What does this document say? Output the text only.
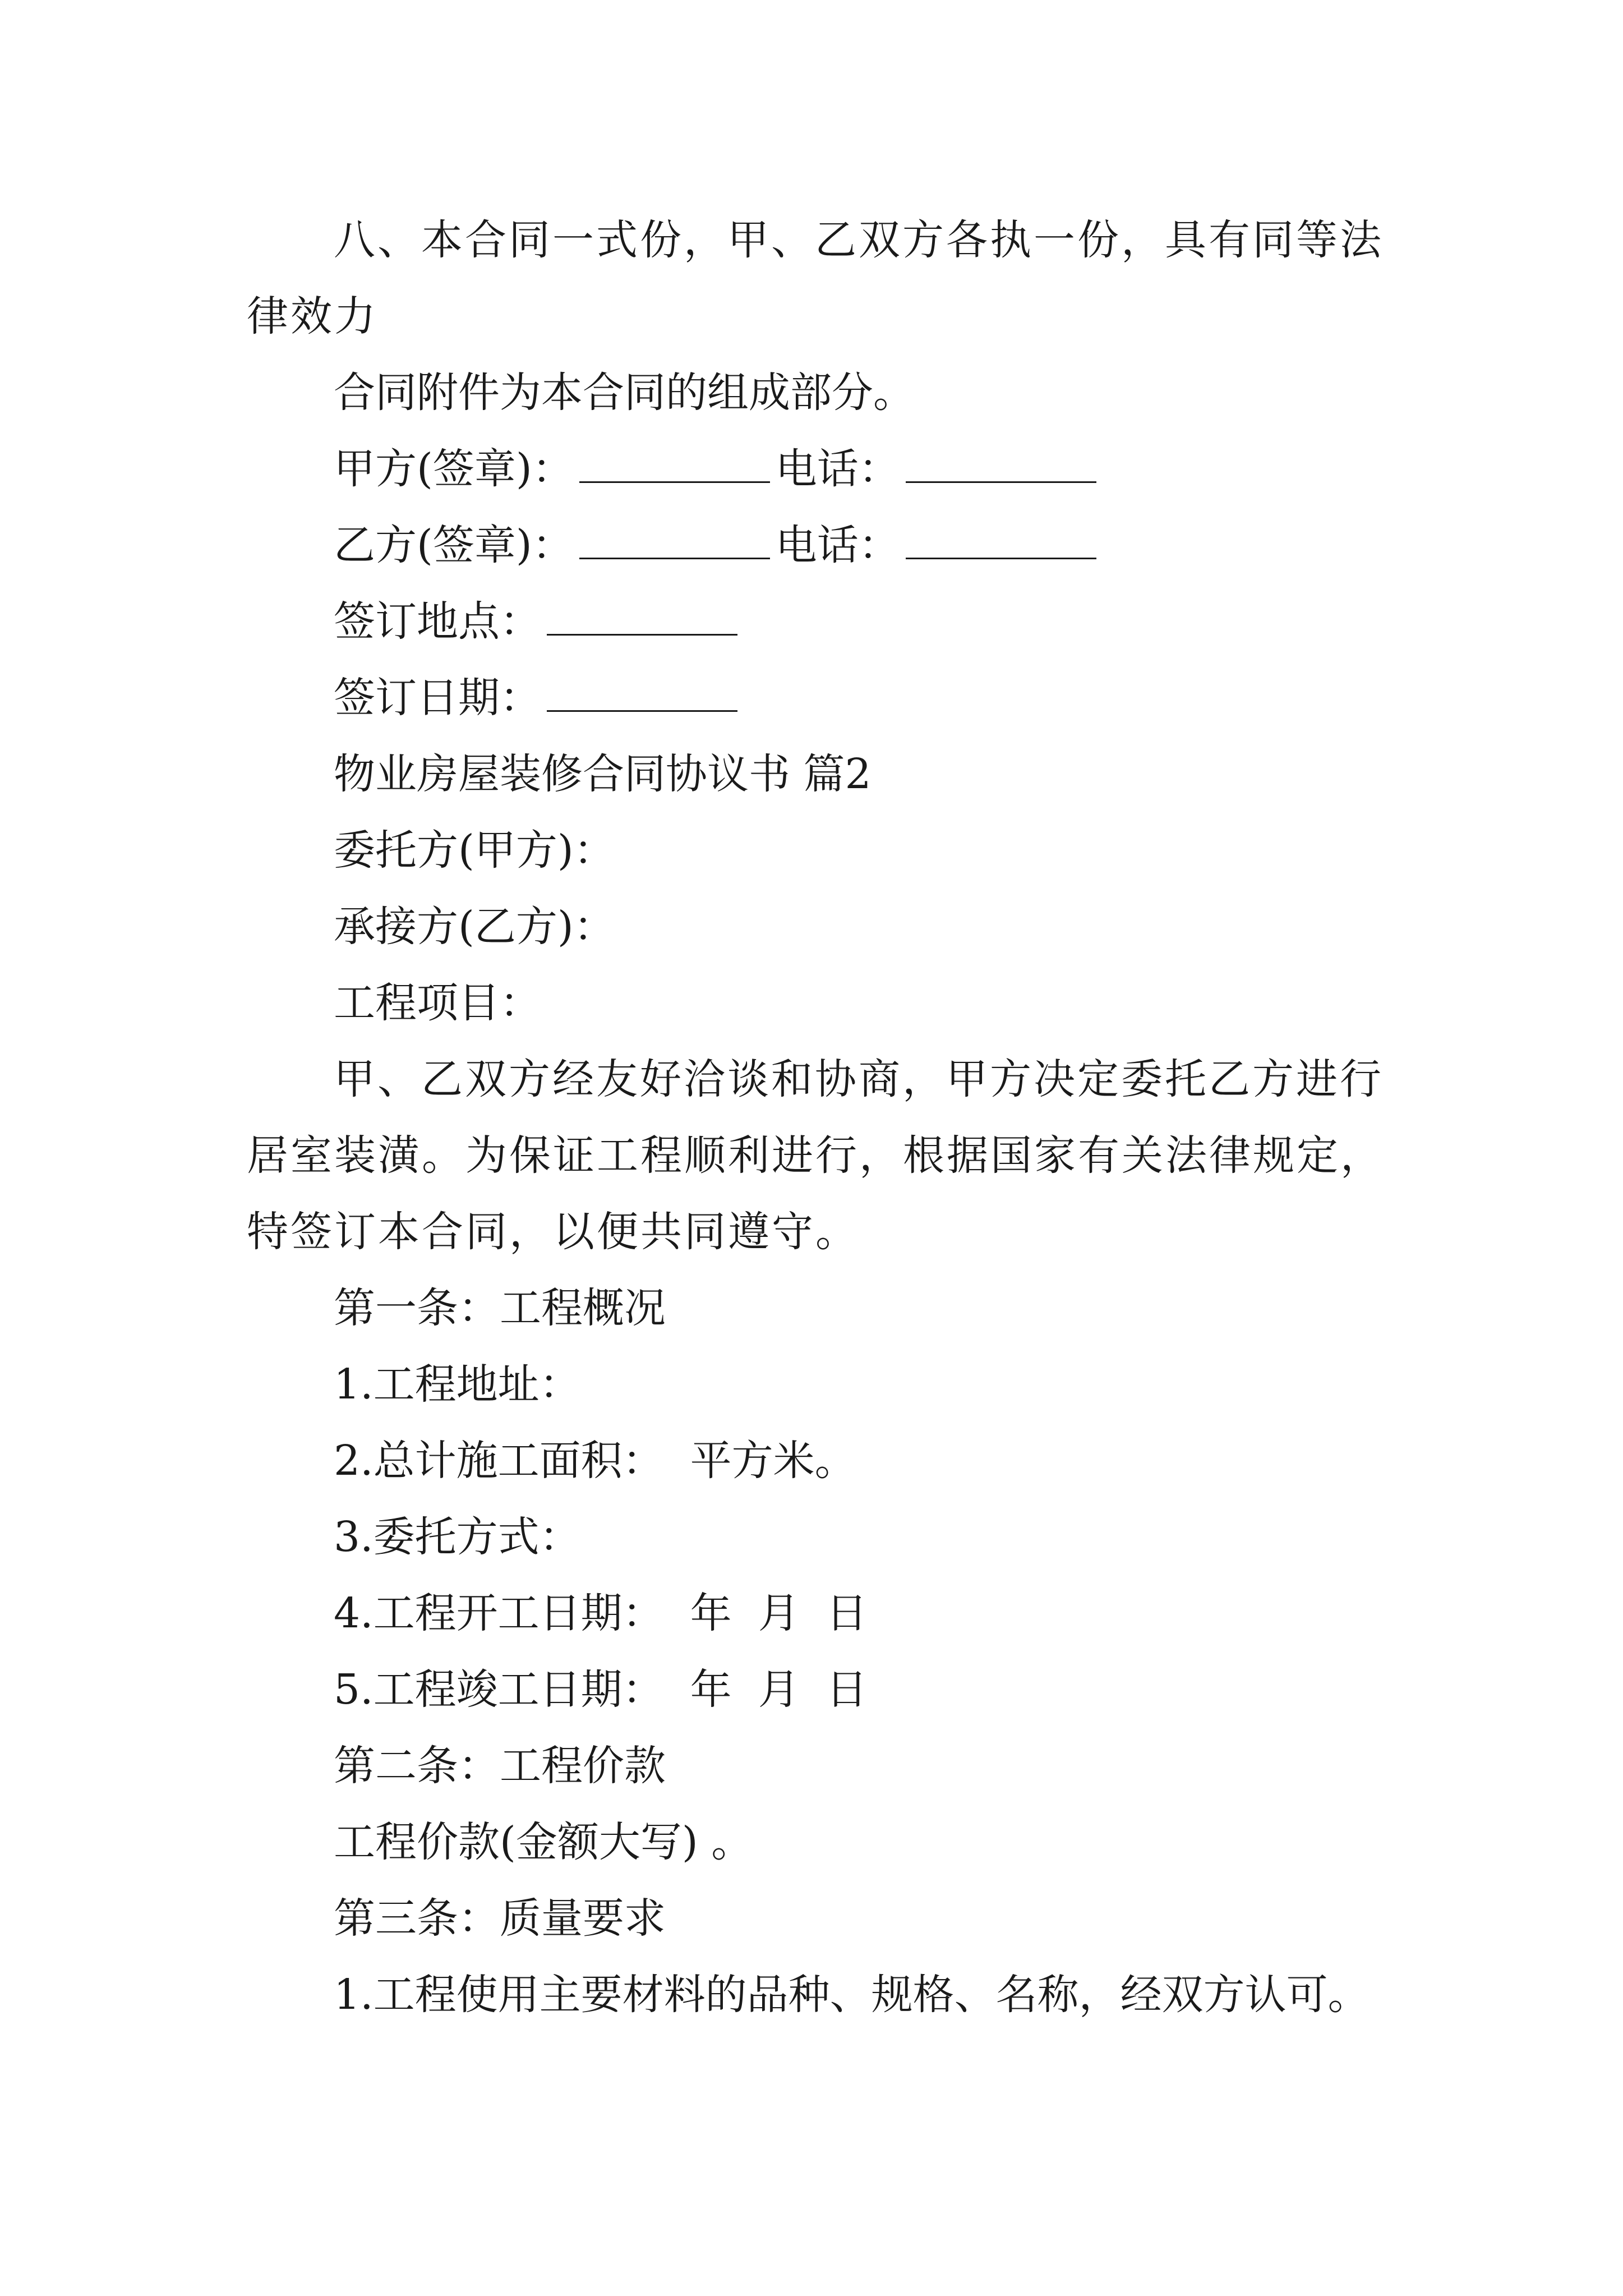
八、本合同一式份，甲、乙双方各执一份，具有同等法律效力

合同附件为本合同的组成部分。

甲方(签章)：	电话：

乙方(签章)：	电话：

签订地点：

签订日期：

物业房屋装修合同协议书 篇2

委托方(甲方)：

承接方(乙方)：

工程项目：

甲、乙双方经友好洽谈和协商，甲方决定委托乙方进行居室装潢。为保证工程顺利进行，根据国家有关法律规定，特签订本合同，以便共同遵守。

第一条：工程概况

1.工程地址：

2.总计施工面积：  平方米。

3.委托方式：

4.工程开工日期：  年  月  日

5.工程竣工日期：  年  月  日

第二条：工程价款

工程价款(金额大写) 。

第三条：质量要求

1.工程使用主要材料的品种、规格、名称，经双方认可。
